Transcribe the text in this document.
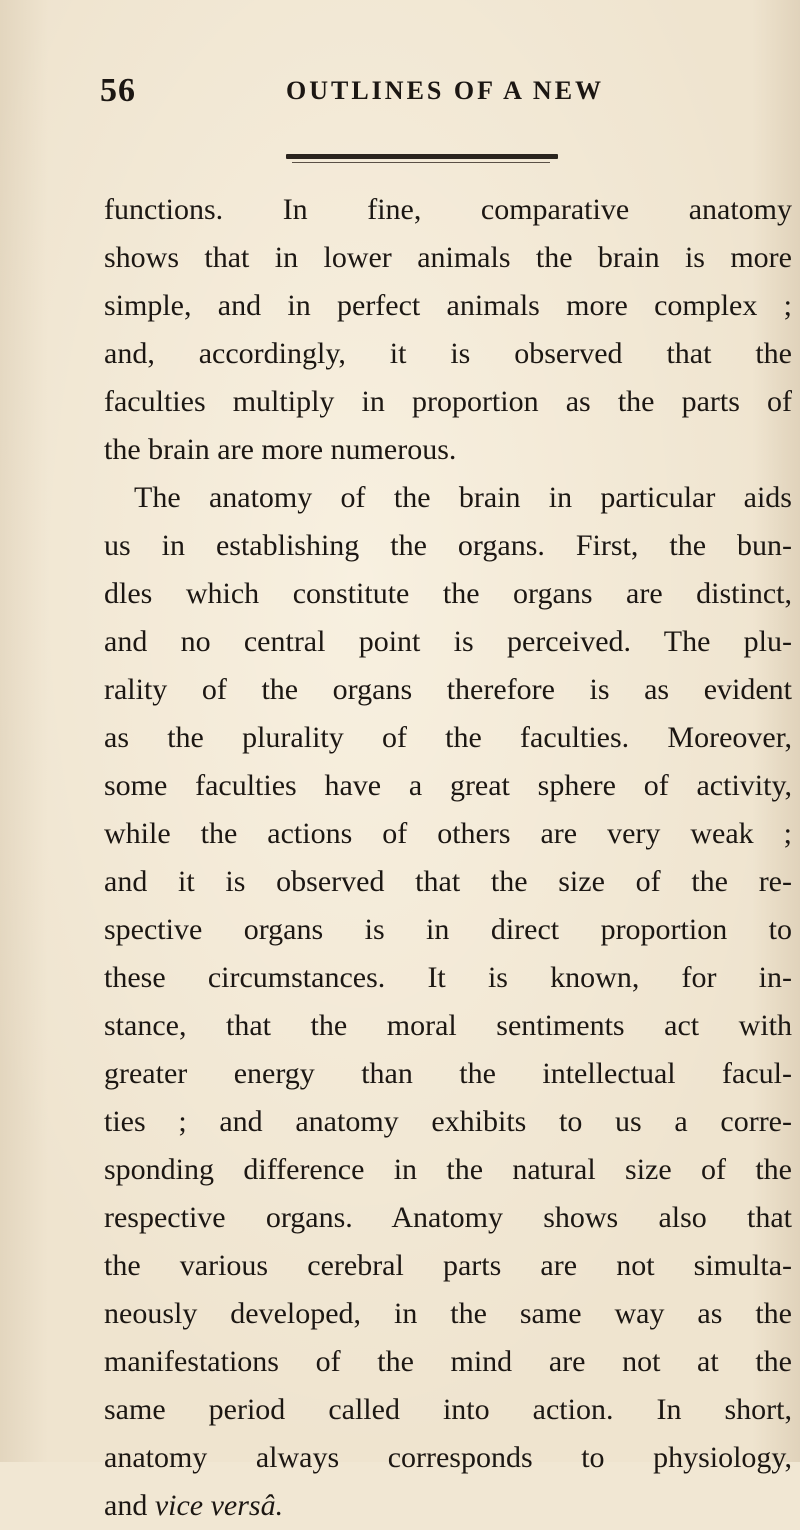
56	OUTLINES OF A NEW
functions. In fine, comparative anatomy
shows that in lower animals the brain is more
simple, and in perfect animals more complex ;
and, accordingly, it is observed that the
faculties multiply in proportion as the parts of
the brain are more numerous.
The anatomy of the brain in particular aids
us in establishing the organs. First, the bun-
dles which constitute the organs are distinct,
and no central point is perceived. The plu-
rality of the organs therefore is as evident
as the plurality of the faculties. Moreover,
some faculties have a great sphere of activity,
while the actions of others are very weak ;
and it is observed that the size of the re-
spective organs is in direct proportion to
these circumstances. It is known, for in-
stance, that the moral sentiments act with
greater energy than the intellectual facul-
ties ; and anatomy exhibits to us a corre-
sponding difference in the natural size of the
respective organs. Anatomy shows also that
the various cerebral parts are not simulta-
neously developed, in the same way as the
manifestations of the mind are not at the
same period called into action. In short,
anatomy always corresponds to physiology,
and vice versâ.
